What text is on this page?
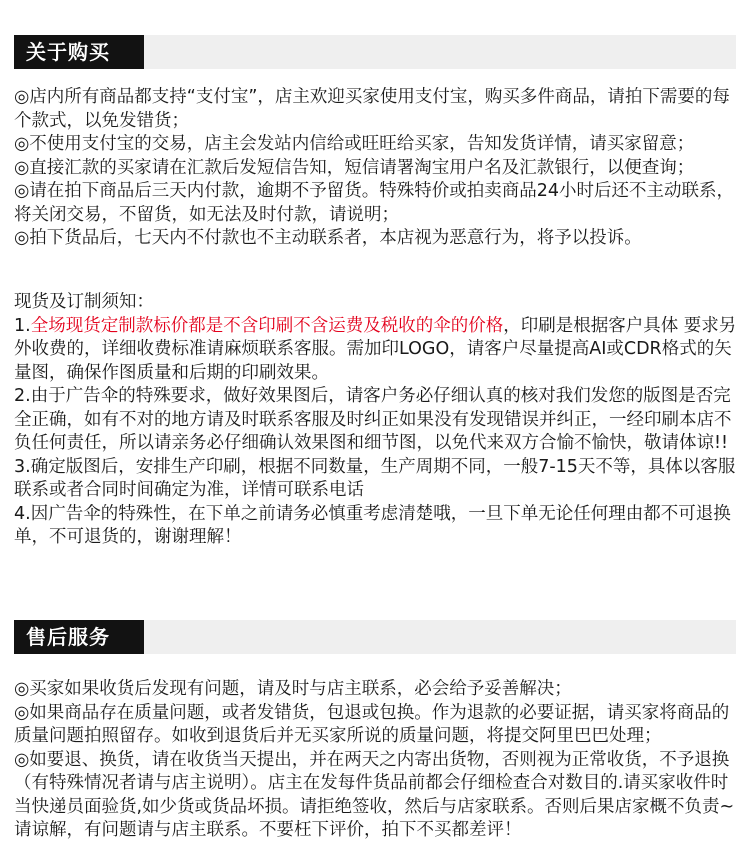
关于购买

◎店内所有商品都支持“支付宝”，店主欢迎买家使用支付宝，购买多件商品，请拍下需要的每个款式，以免发错货；

◎不使用支付宝的交易，店主会发站内信给或旺旺给买家，告知发货详情，请买家留意；

◎直接汇款的买家请在汇款后发短信告知，短信请署淘宝用户名及汇款银行，以便查询；

◎请在拍下商品后三天内付款，逾期不予留货。特殊特价或拍卖商品24小时后还不主动联系，将关闭交易，不留货，如无法及时付款，请说明；

◎拍下货品后，七天内不付款也不主动联系者，本店视为恶意行为，将予以投诉。

现货及订制须知：

1.全场现货定制款标价都是不含印刷不含运费及税收的伞的价格，印刷是根据客户具体 要求另外收费的，详细收费标准请麻烦联系客服。需加印LOGO，请客户尽量提高AI或CDR格式的矢量图，确保作图质量和后期的印刷效果。

2.由于广告伞的特殊要求，做好效果图后，请客户务必仔细认真的核对我们发您的版图是否完全正确，如有不对的地方请及时联系客服及时纠正如果没有发现错误并纠正，一经印刷本店不负任何责任，所以请亲务必仔细确认效果图和细节图，以免代来双方合愉不愉快，敬请体谅!!

3.确定版图后，安排生产印刷，根据不同数量，生产周期不同，一般7-15天不等，具体以客服联系或者合同时间确定为准，详情可联系电话

4.因广告伞的特殊性，在下单之前请务必慎重考虑清楚哦，一旦下单无论任何理由都不可退换单，不可退货的，谢谢理解！

售后服务

◎买家如果收货后发现有问题，请及时与店主联系，必会给予妥善解决；

◎如果商品存在质量问题，或者发错货，包退或包换。作为退款的必要证据，请买家将商品的质量问题拍照留存。如收到退货后并无买家所说的质量问题，将提交阿里巴巴处理；

◎如要退、换货，请在收货当天提出，并在两天之内寄出货物，否则视为正常收货，不予退换（有特殊情况者请与店主说明）。店主在发每件货品前都会仔细检查合对数目的.请买家收件时当快递员面验货,如少货或货品坏损。请拒绝签收，然后与店家联系。否则后果店家概不负责~请谅解，有问题请与店主联系。不要枉下评价，拍下不买都差评！
